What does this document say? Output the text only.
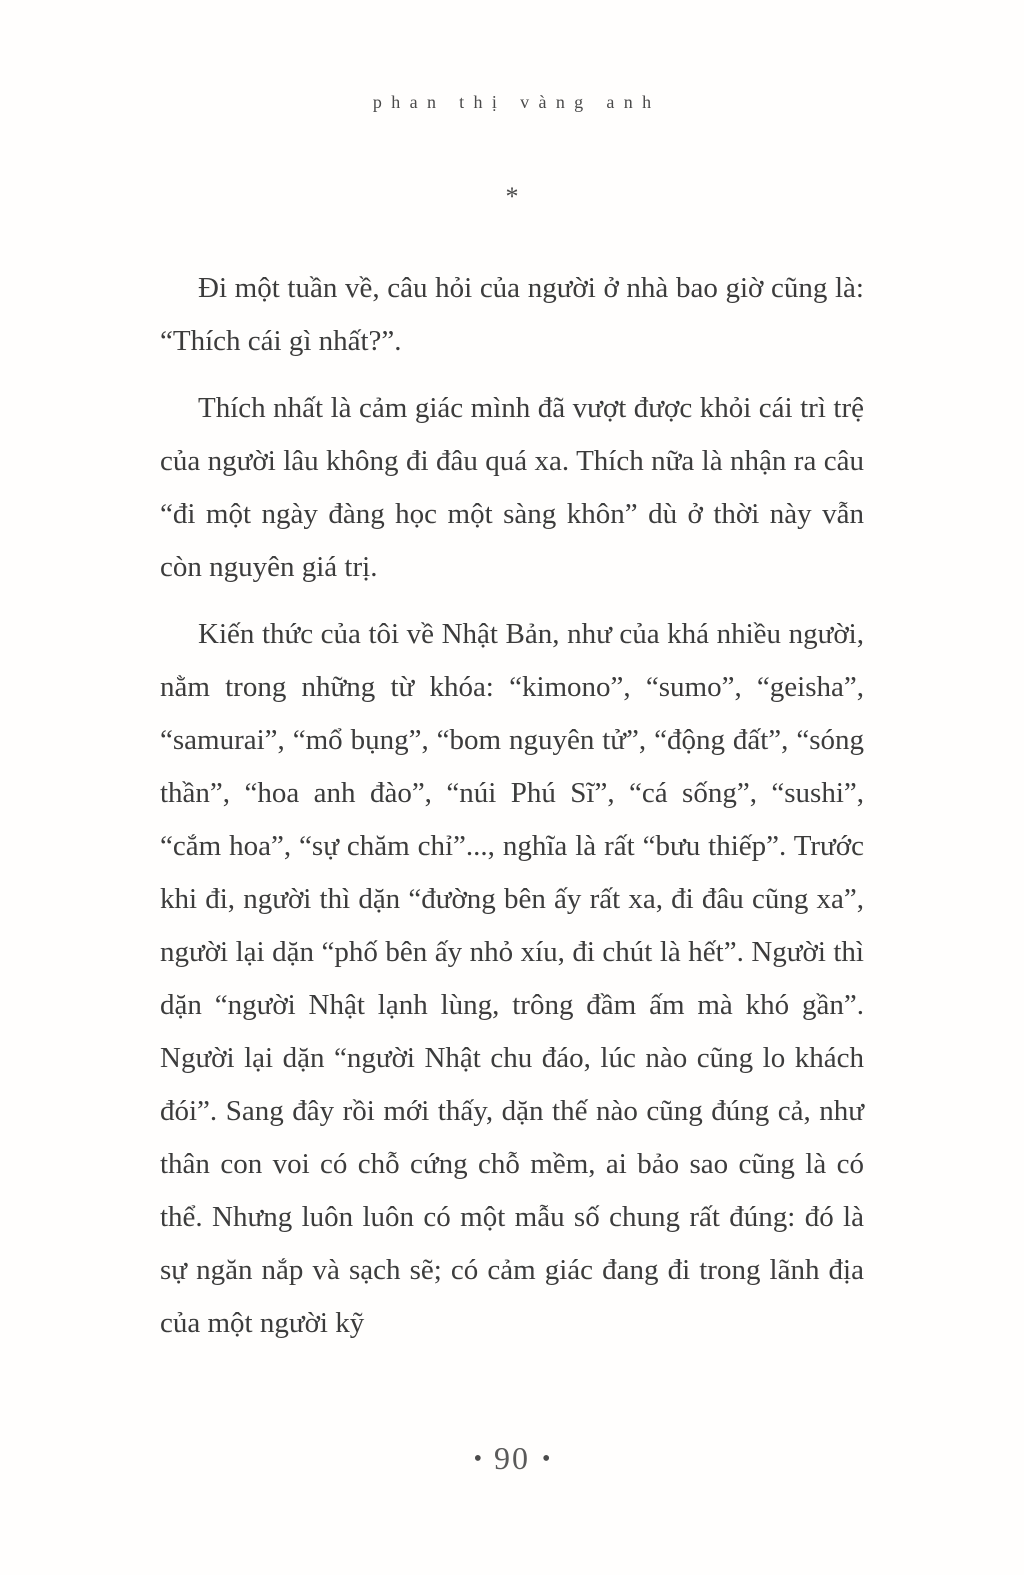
phan thị vàng anh
*

Đi một tuần về, câu hỏi của người ở nhà bao giờ cũng là: “Thích cái gì nhất?”.

Thích nhất là cảm giác mình đã vượt được khỏi cái trì trệ của người lâu không đi đâu quá xa. Thích nữa là nhận ra câu “đi một ngày đàng học một sàng khôn” dù ở thời này vẫn còn nguyên giá trị.

Kiến thức của tôi về Nhật Bản, như của khá nhiều người, nằm trong những từ khóa: “kimono”, “sumo”, “geisha”, “samurai”, “mổ bụng”, “bom nguyên tử”, “động đất”, “sóng thần”, “hoa anh đào”, “núi Phú Sĩ”, “cá sống”, “sushi”, “cắm hoa”, “sự chăm chỉ”..., nghĩa là rất “bưu thiếp”. Trước khi đi, người thì dặn “đường bên ấy rất xa, đi đâu cũng xa”, người lại dặn “phố bên ấy nhỏ xíu, đi chút là hết”. Người thì dặn “người Nhật lạnh lùng, trông đầm ấm mà khó gần”. Người lại dặn “người Nhật chu đáo, lúc nào cũng lo khách đói”. Sang đây rồi mới thấy, dặn thế nào cũng đúng cả, như thân con voi có chỗ cứng chỗ mềm, ai bảo sao cũng là có thể. Nhưng luôn luôn có một mẫu số chung rất đúng: đó là sự ngăn nắp và sạch sẽ; có cảm giác đang đi trong lãnh địa của một người kỹ

• 90 •
